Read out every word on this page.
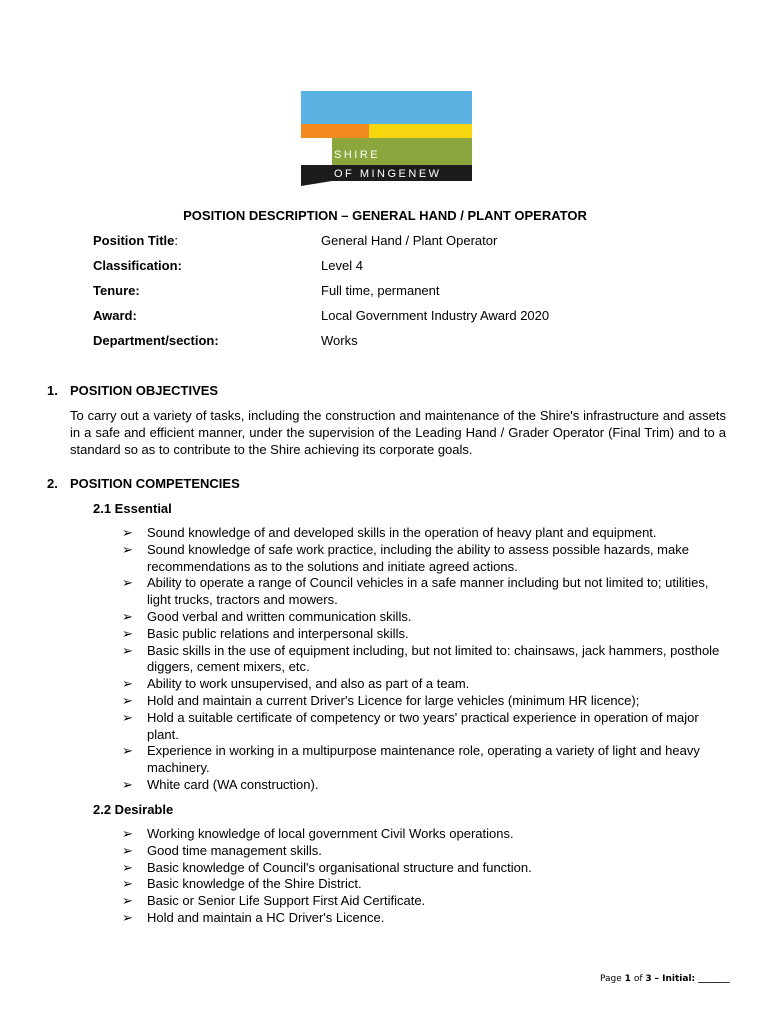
SHIRE
OF MINGENEW
POSITION DESCRIPTION – GENERAL HAND / PLANT OPERATOR
Position Title:	General Hand / Plant Operator
Classification:	Level 4
Tenure:	Full time, permanent
Award:	Local Government Industry Award 2020
Department/section:	Works
1. POSITION OBJECTIVES
To carry out a variety of tasks, including the construction and maintenance of the Shire's infrastructure and assets in a safe and efficient manner, under the supervision of the Leading Hand / Grader Operator (Final Trim) and to a standard so as to contribute to the Shire achieving its corporate goals.
2. POSITION COMPETENCIES
2.1 Essential
➢ Sound knowledge of and developed skills in the operation of heavy plant and equipment.
➢ Sound knowledge of safe work practice, including the ability to assess possible hazards, make recommendations as to the solutions and initiate agreed actions.
➢ Ability to operate a range of Council vehicles in a safe manner including but not limited to; utilities, light trucks, tractors and mowers.
➢ Good verbal and written communication skills.
➢ Basic public relations and interpersonal skills.
➢ Basic skills in the use of equipment including, but not limited to: chainsaws, jack hammers, posthole diggers, cement mixers, etc.
➢ Ability to work unsupervised, and also as part of a team.
➢ Hold and maintain a current Driver's Licence for large vehicles (minimum HR licence);
➢ Hold a suitable certificate of competency or two years' practical experience in operation of major plant.
➢ Experience in working in a multipurpose maintenance role, operating a variety of light and heavy machinery.
➢ White card (WA construction).
2.2 Desirable
➢ Working knowledge of local government Civil Works operations.
➢ Good time management skills.
➢ Basic knowledge of Council's organisational structure and function.
➢ Basic knowledge of the Shire District.
➢ Basic or Senior Life Support First Aid Certificate.
➢ Hold and maintain a HC Driver's Licence.
Page 1 of 3 – Initial: _______
